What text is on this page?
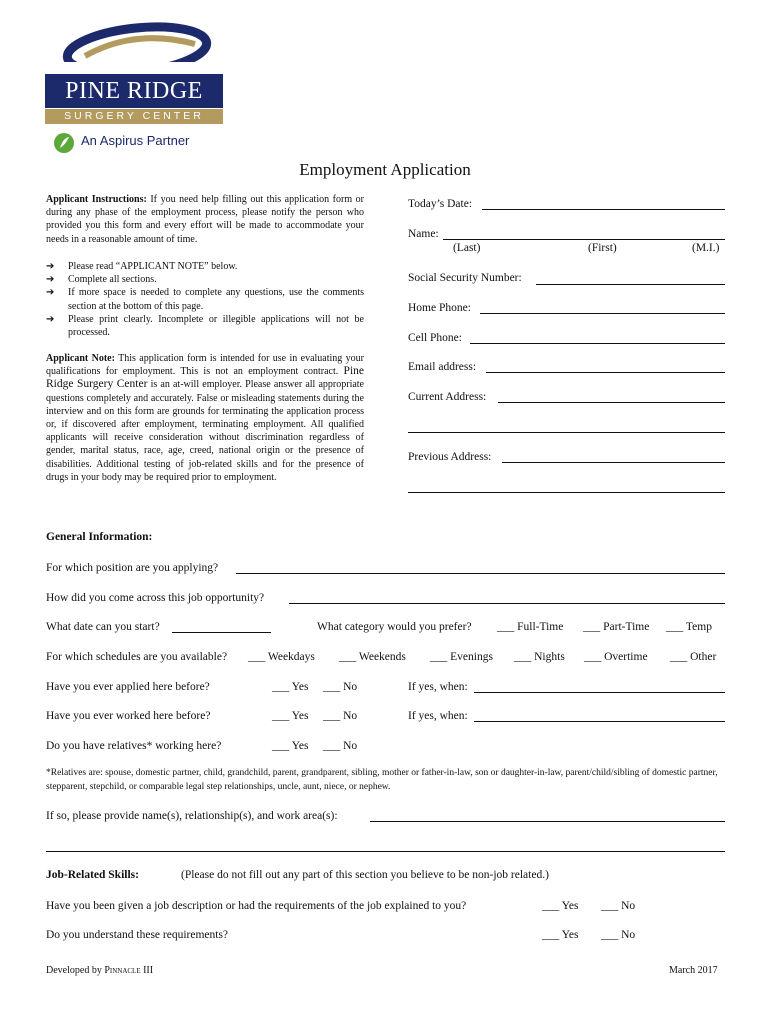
PINE RIDGE
SURGERY CENTER
An Aspirus Partner
Employment Application
Applicant Instructions: If you need help filling out this application form or during any phase of the employment process, please notify the person who provided you this form and every effort will be made to accommodate your needs in a reasonable amount of time.
➔	Please read “APPLICANT NOTE” below.
➔	Complete all sections.
➔	If more space is needed to complete any questions, use the comments section at the bottom of this page.
➔	Please print clearly. Incomplete or illegible applications will not be processed.
Applicant Note: This application form is intended for use in evaluating your qualifications for employment. This is not an employment contract. Pine Ridge Surgery Center is an at-will employer. Please answer all appropriate questions completely and accurately. False or misleading statements during the interview and on this form are grounds for terminating the application process or, if discovered after employment, terminating employment. All qualified applicants will receive consideration without discrimination regardless of gender, marital status, race, age, creed, national origin or the presence of disabilities. Additional testing of job-related skills and for the presence of drugs in your body may be required prior to employment.
Today’s Date:
Name:
(Last)	(First)	(M.I.)
Social Security Number:
Home Phone:
Cell Phone:
Email address:
Current Address:
Previous Address:
General Information:
For which position are you applying?
How did you come across this job opportunity?
What date can you start?	What category would you prefer? ___ Full-Time ___ Part-Time ___ Temp
For which schedules are you available? ___ Weekdays ___ Weekends ___ Evenings ___ Nights ___ Overtime ___ Other
Have you ever applied here before?	___ Yes ___ No	If yes, when:
Have you ever worked here before?	___ Yes ___ No	If yes, when:
Do you have relatives* working here?	___ Yes ___ No
*Relatives are: spouse, domestic partner, child, grandchild, parent, grandparent, sibling, mother or father-in-law, son or daughter-in-law, parent/child/sibling of domestic partner, stepparent, stepchild, or comparable legal step relationships, uncle, aunt, niece, or nephew.
If so, please provide name(s), relationship(s), and work area(s):
Job-Related Skills:	(Please do not fill out any part of this section you believe to be non-job related.)
Have you been given a job description or had the requirements of the job explained to you?	___ Yes ___ No
Do you understand these requirements?	___ Yes ___ No
Developed by Pinnacle III	March 2017
